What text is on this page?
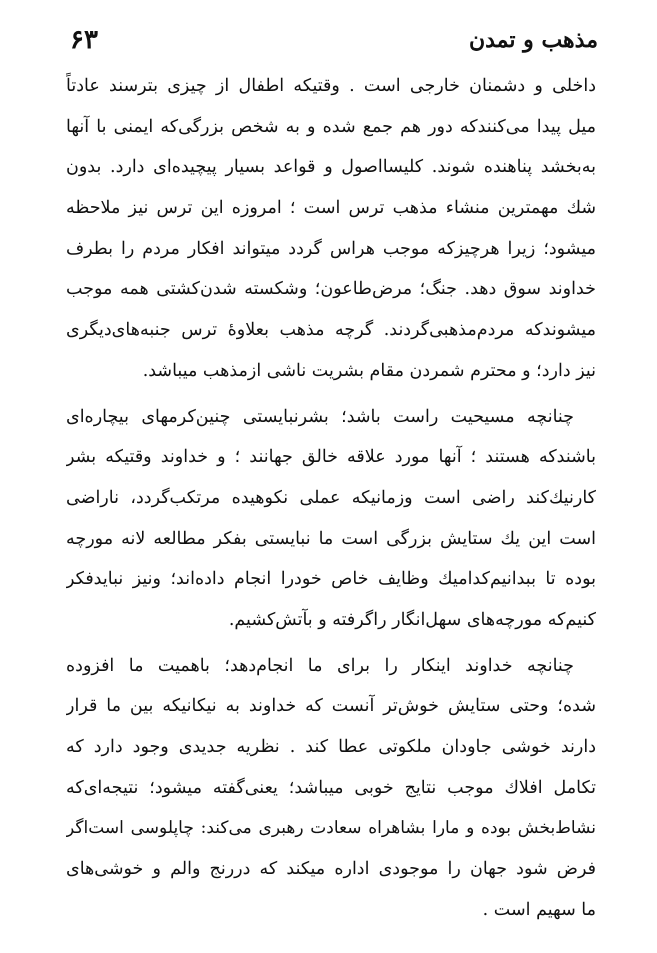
۶۳	مذهب و تمدن
داخلی و دشمنان خارجی است . وقتیکه اطفال از چیزی بترسند عادتاً
میل پیدا می‌کنندکه دور هم جمع شده و به شخص بزرگی‌که ایمنی با آنها
به‌بخشد پناهنده شوند. کلیسااصول و قواعد بسیار پیچیده‌ای دارد. بدون‌
شك مهمترین منشاء مذهب ترس است ؛ امروزه این ترس نیز ملاحظه
میشود؛ زیرا هرچیزکه موجب هراس گردد میتواند افکار مردم را بطرف
خداوند سوق دهد. جنگ؛ مرض‌طاعون؛ وشکسته شدن‌کشتی همه موجب
میشوندکه مردم‌مذهبی‌گردند. گرچه مذهب بعلاوۀ ترس جنبه‌های‌دیگری
نیز دارد؛ و محترم شمردن مقام بشریت ناشی ازمذهب میباشد.
چنانچه مسیحیت راست باشد؛ بشرنبایستی چنین‌کرمهای بیچاره‌ای
باشندکه هستند ؛ آنها مورد علاقه خالق جهانند ؛ و خداوند وقتیکه بشر
کارنیك‌کند راضی است وزمانیکه عملی نکوهیده مرتکب‌گردد، ناراضی
است این یك ستایش بزرگی است ما نبایستی بفکر مطالعه لانه مورچه
بوده تا ببدانیم‌کدامیك وظایف خاص خودرا انجام داده‌اند؛ ونیز نبایدفکر
کنیم‌که مورچه‌های سهل‌انگار راگرفته و بآتش‌کشیم.
چنانچه خداوند اینکار را برای ما انجام‌دهد؛ باهمیت ما افزوده
شده؛ وحتی ستایش خوش‌تر آنست که خداوند به نیکانیکه بین ما قرار
دارند خوشی جاودان ملکوتی عطا کند . نظریه جدیدی وجود دارد که
تکامل افلاك موجب نتایج خوبی میباشد؛ یعنی‌گفته میشود؛ نتیجه‌ای‌که
نشاط‌بخش بوده و مارا بشاهراه سعادت رهبری می‌کند: چاپلوسی است‌اگر
فرض شود جهان را موجودی اداره میکند که دررنج والم و خوشی‌های
ما سهیم است .
